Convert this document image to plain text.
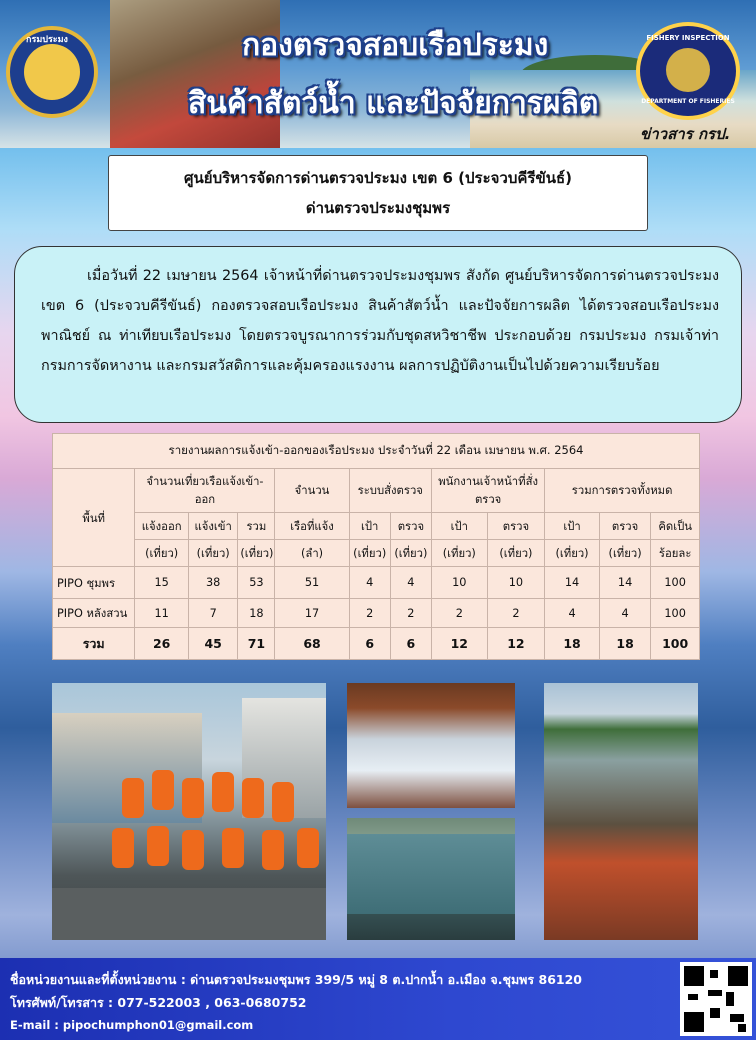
กรมประมง	กองตรวจสอบเรือประมง
สินค้าสัตว์น้ำ และปัจจัยการผลิต
FISHERY INSPECTION
DEPARTMENT OF FISHERIES
ข่าวสาร กรป.
ศูนย์บริหารจัดการด่านตรวจประมง เขต 6 (ประจวบคีรีขันธ์)
ด่านตรวจประมงชุมพร

เมื่อวันที่ 22 เมษายน 2564 เจ้าหน้าที่ด่านตรวจประมงชุมพร สังกัด ศูนย์บริหารจัดการด่านตรวจประมงเขต 6 (ประจวบคีรีขันธ์) กองตรวจสอบเรือประมง สินค้าสัตว์น้ำ และปัจจัยการผลิต ได้ตรวจสอบเรือประมงพาณิชย์ ณ ท่าเทียบเรือประมง โดยตรวจบูรณาการร่วมกับชุดสหวิชาชีพ ประกอบด้วย กรมประมง กรมเจ้าท่า กรมการจัดหางาน และกรมสวัสดิการและคุ้มครองแรงงาน ผลการปฏิบัติงานเป็นไปด้วยความเรียบร้อย

รายงานผลการแจ้งเข้า-ออกของเรือประมง ประจำวันที่ 22 เดือน เมษายน พ.ศ. 2564											
พื้นที่	จำนวนเที่ยวเรือแจ้งเข้า-ออก			จำนวน	ระบบสั่งตรวจ		พนักงานเจ้าหน้าที่สั่งตรวจ		รวมการตรวจทั้งหมด		
	แจ้งออก	แจ้งเข้า	รวม	เรือที่แจ้ง	เป้า	ตรวจ	เป้า	ตรวจ	เป้า	ตรวจ	คิดเป็น
	(เที่ยว)	(เที่ยว)	(เที่ยว)	(ลำ)	(เที่ยว)	(เที่ยว)	(เที่ยว)	(เที่ยว)	(เที่ยว)	(เที่ยว)	ร้อยละ
PIPO ชุมพร	15	38	53	51	4	4	10	10	14	14	100
PIPO หลังสวน	11	7	18	17	2	2	2	2	4	4	100
รวม	26	45	71	68	6	6	12	12	18	18	100
ชื่อหน่วยงานและที่ตั้งหน่วยงาน : ด่านตรวจประมงชุมพร 399/5 หมู่ 8 ต.ปากน้ำ อ.เมือง จ.ชุมพร 86120
โทรศัพท์/โทรสาร : 077-522003 , 063-0680752
E-mail : pipochumphon01@gmail.com
